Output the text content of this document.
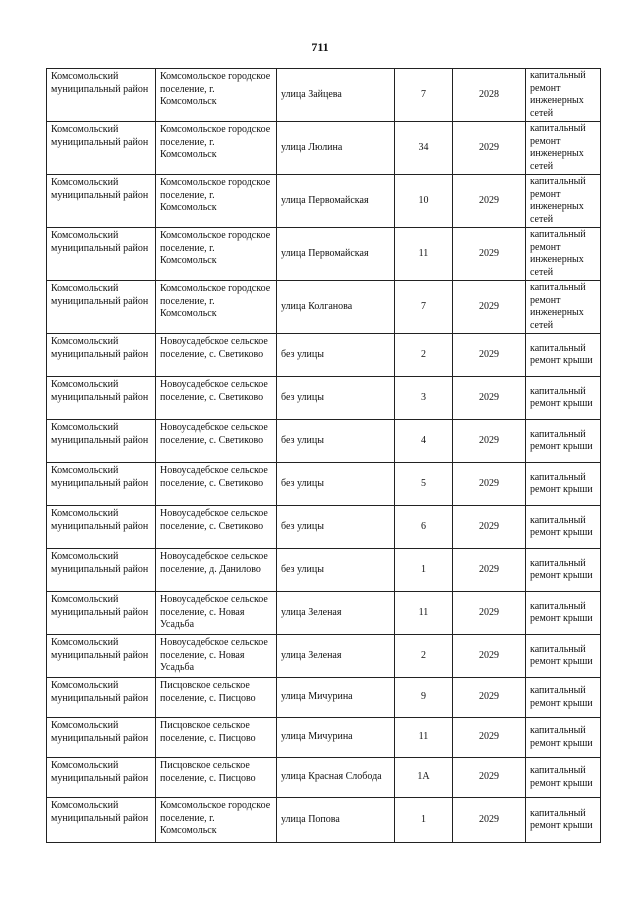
711
Комсомольский муниципальный район	Комсомольское городское поселение, г. Комсомольск	улица Зайцева	7	2028	капитальный ремонт инженерных сетей
Комсомольский муниципальный район	Комсомольское городское поселение, г. Комсомольск	улица Люлина	34	2029	капитальный ремонт инженерных сетей
Комсомольский муниципальный район	Комсомольское городское поселение, г. Комсомольск	улица Первомайская	10	2029	капитальный ремонт инженерных сетей
Комсомольский муниципальный район	Комсомольское городское поселение, г. Комсомольск	улица Первомайская	11	2029	капитальный ремонт инженерных сетей
Комсомольский муниципальный район	Комсомольское городское поселение, г. Комсомольск	улица Колганова	7	2029	капитальный ремонт инженерных сетей
Комсомольский муниципальный район	Новоусадебское сельское поселение, с. Светиково	без улицы	2	2029	капитальный ремонт крыши
Комсомольский муниципальный район	Новоусадебское сельское поселение, с. Светиково	без улицы	3	2029	капитальный ремонт крыши
Комсомольский муниципальный район	Новоусадебское сельское поселение, с. Светиково	без улицы	4	2029	капитальный ремонт крыши
Комсомольский муниципальный район	Новоусадебское сельское поселение, с. Светиково	без улицы	5	2029	капитальный ремонт крыши
Комсомольский муниципальный район	Новоусадебское сельское поселение, с. Светиково	без улицы	6	2029	капитальный ремонт крыши
Комсомольский муниципальный район	Новоусадебское сельское поселение, д. Данилово	без улицы	1	2029	капитальный ремонт крыши
Комсомольский муниципальный район	Новоусадебское сельское поселение, с. Новая Усадьба	улица Зеленая	11	2029	капитальный ремонт крыши
Комсомольский муниципальный район	Новоусадебское сельское поселение, с. Новая Усадьба	улица Зеленая	2	2029	капитальный ремонт крыши
Комсомольский муниципальный район	Писцовское сельское поселение, с. Писцово	улица Мичурина	9	2029	капитальный ремонт крыши
Комсомольский муниципальный район	Писцовское сельское поселение, с. Писцово	улица Мичурина	11	2029	капитальный ремонт крыши
Комсомольский муниципальный район	Писцовское сельское поселение, с. Писцово	улица Красная Слобода	1А	2029	капитальный ремонт крыши
Комсомольский муниципальный район	Комсомольское городское поселение, г. Комсомольск	улица Попова	1	2029	капитальный ремонт крыши
